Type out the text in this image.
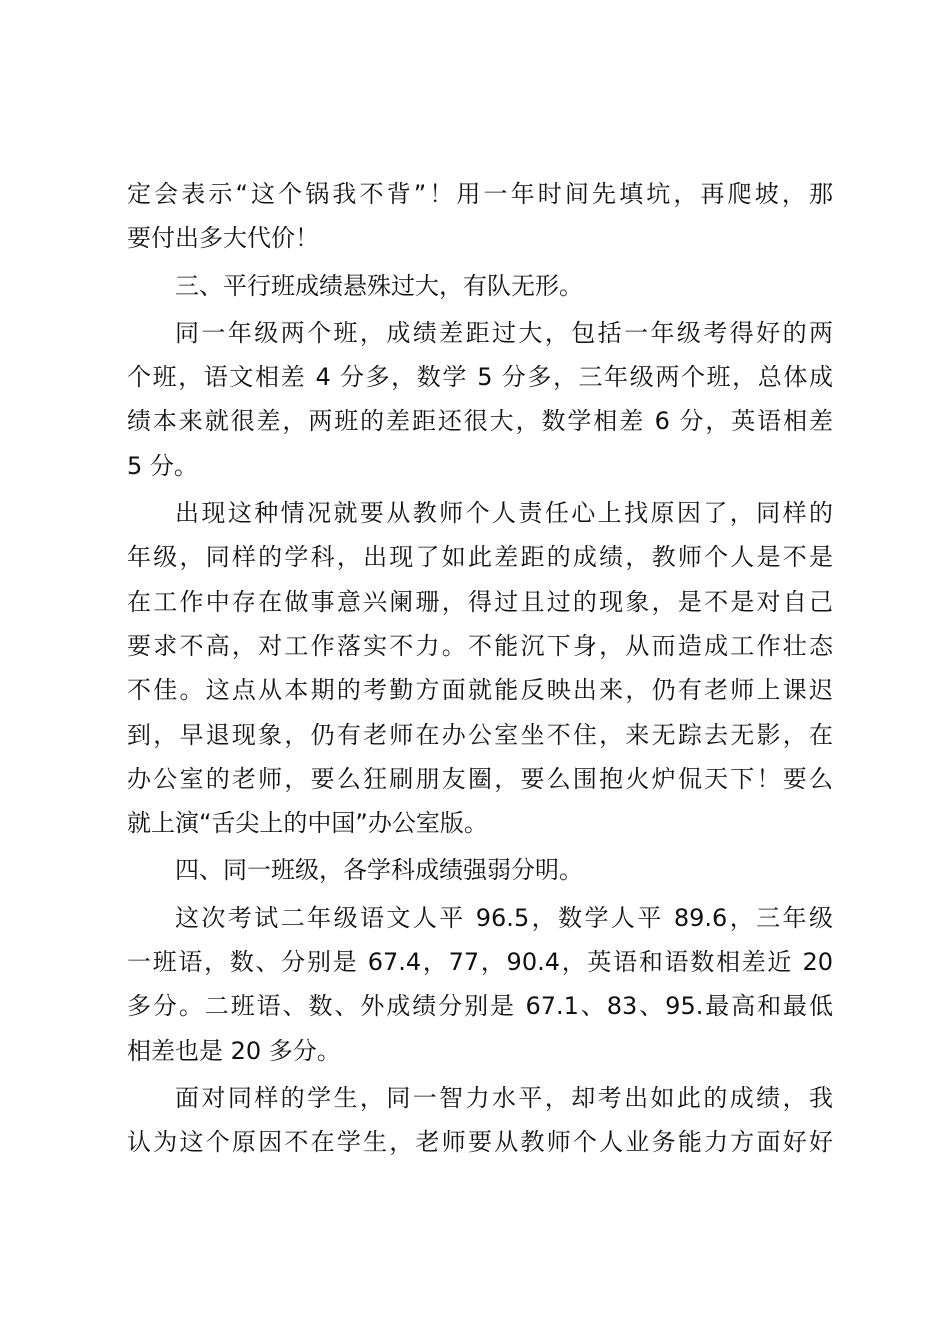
定会表示“这个锅我不背”！用一年时间先填坑，再爬坡，那
要付出多大代价！
三、平行班成绩悬殊过大，有队无形。
同一年级两个班，成绩差距过大，包括一年级考得好的两
个班，语文相差 4 分多，数学 5 分多，三年级两个班，总体成
绩本来就很差，两班的差距还很大，数学相差 6 分，英语相差
5 分。
出现这种情况就要从教师个人责任心上找原因了，同样的
年级，同样的学科，出现了如此差距的成绩，教师个人是不是
在工作中存在做事意兴阑珊，得过且过的现象，是不是对自己
要求不高，对工作落实不力。不能沉下身，从而造成工作壮态
不佳。这点从本期的考勤方面就能反映出来，仍有老师上课迟
到，早退现象，仍有老师在办公室坐不住，来无踪去无影，在
办公室的老师，要么狂刷朋友圈，要么围抱火炉侃天下！要么
就上演“舌尖上的中国”办公室版。
四、同一班级，各学科成绩强弱分明。
这次考试二年级语文人平 96.5，数学人平 89.6，三年级
一班语，数、分别是 67.4，77，90.4，英语和语数相差近 20
多分。二班语、数、外成绩分别是 67.1、83、95.最高和最低
相差也是 20 多分。
面对同样的学生，同一智力水平，却考出如此的成绩，我
认为这个原因不在学生，老师要从教师个人业务能力方面好好
